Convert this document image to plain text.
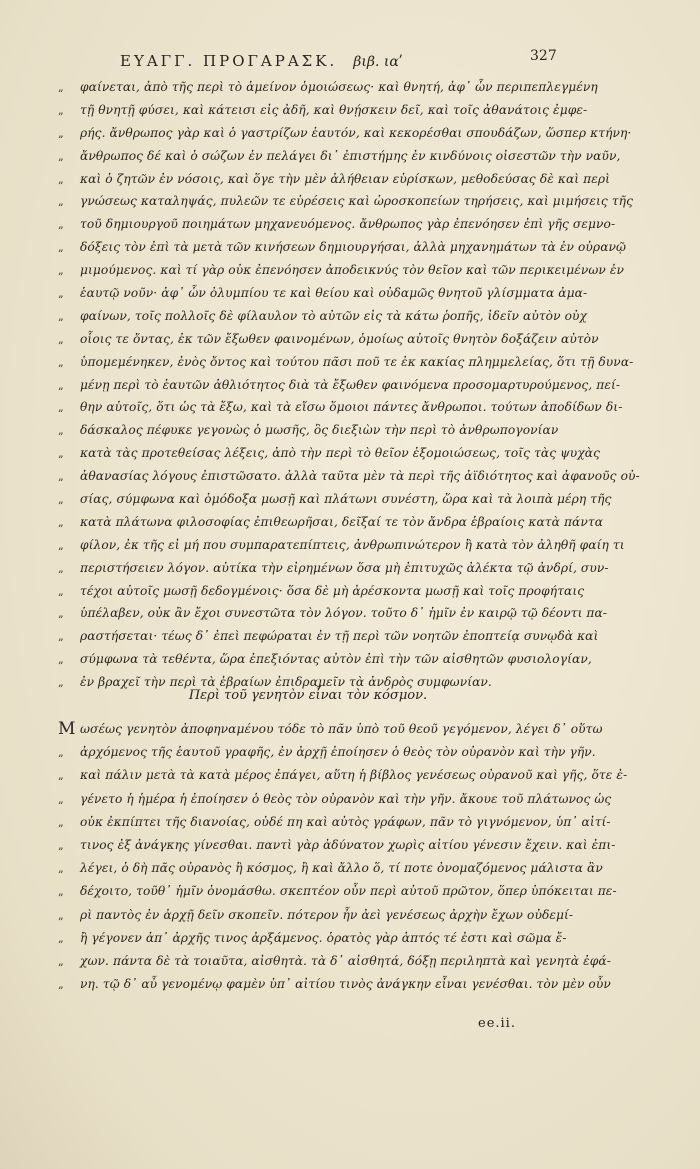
ΕΥΑΓΓ. ΠΡΟΓΑΡΑΣΚ. βιβ. ιαʹ	327
„ φαίνεται, ἀπὸ τῆς περὶ τὸ ἀμείνον ὁμοιώσεως· καὶ θνητή, ἀφ᾽ ὧν περιπεπλεγμένη
„ τῇ θνητῇ φύσει, καὶ κάτεισι εἰς ἀδῆ, καὶ θνῄσκειν δεῖ, καὶ τοῖς ἀθανάτοις ἐμφε-
„ ρής. ἄνθρωπος γὰρ καὶ ὁ γαστρίζων ἑαυτόν, καὶ κεκορέσθαι σπουδάζων, ὥσπερ κτήνη·
„ ἄνθρωπος δέ καὶ ὁ σώζων ἐν πελάγει δι᾽ ἐπιστήμης ἐν κινδύνοις οἰσεστῶν τὴν ναῦν,
„ καὶ ὁ ζητῶν ἐν νόσοις, καὶ ὅγε τὴν μὲν ἀλήθειαν εὑρίσκων, μεθοδεύσας δὲ καὶ περὶ
„ γνώσεως καταληψάς, πυλεῶν τε εὑρέσεις καὶ ὡροσκοπείων τηρήσεις, καὶ μιμήσεις τῆς
„ τοῦ δημιουργοῦ ποιημάτων μηχανευόμενος. ἄνθρωπος γὰρ ἐπενόησεν ἐπὶ γῆς σεμνο-
„ δόξεις τὸν ἐπὶ τὰ μετὰ τῶν κινήσεων δημιουργήσαι, ἀλλὰ μηχανημάτων τὰ ἐν οὐρανῷ
„ μιμούμενος. καὶ τί γὰρ οὐκ ἐπενόησεν ἀποδεικνύς τὸν θεῖον καὶ τῶν περικειμένων ἐν
„ ἑαυτῷ νοῦν· ἀφ᾽ ὧν ὀλυμπίου τε καὶ θείου καὶ οὐδαμῶς θνητοῦ γλίσμματα ἀμα-
„ φαίνων, τοῖς πολλοῖς δὲ φίλαυλον τὸ αὐτῶν εἰς τὰ κάτω ῥοπῆς, ἰδεῖν αὐτὸν οὐχ
„ οἷοις τε ὄντας, ἐκ τῶν ἔξωθεν φαινομένων, ὁμοίως αὐτοῖς θνητὸν δοξάζειν αὐτὸν
„ ὑπομεμένηκεν, ἐνὸς ὄντος καὶ τούτου πᾶσι ποῦ τε ἐκ κακίας πλημμελείας, ὅτι τῇ δυνα-
„ μένῃ περὶ τὸ ἑαυτῶν ἀθλιότητος διὰ τὰ ἔξωθεν φαινόμενα προσομαρτυρούμενος, πεί-
„ θην αὐτοῖς, ὅτι ὡς τὰ ἔξω, καὶ τὰ εἴσω ὅμοιοι πάντες ἄνθρωποι. τούτων ἀποδίδων δι-
„ δάσκαλος πέφυκε γεγονὼς ὁ μωσῆς, ὃς διεξιὼν τὴν περὶ τὸ ἀνθρωπογονίαν
„ κατὰ τὰς προτεθείσας λέξεις, ἀπὸ τὴν περὶ τὸ θεῖον ἐξομοιώσεως, τοῖς τὰς ψυχὰς
„ ἀθανασίας λόγους ἐπιστῶσατο. ἀλλὰ ταῦτα μὲν τὰ περὶ τῆς ἀϊδιότητος καὶ ἀφανοῦς οὐ-
„ σίας, σύμφωνα καὶ ὁμόδοξα μωσῇ καὶ πλάτωνι συνέστη, ὥρα καὶ τὰ λοιπὰ μέρη τῆς
„ κατὰ πλάτωνα φιλοσοφίας ἐπιθεωρῆσαι, δεῖξαί τε τὸν ἄνδρα ἑβραίοις κατὰ πάντα
„ φίλον, ἐκ τῆς εἰ μή που συμπαρατεπίπτεις, ἀνθρωπινώτερον ἢ κατὰ τὸν ἀληθῆ φαίη τι
„ περιστήσειεν λόγον. αὐτίκα τὴν εἰρημένων ὅσα μὴ ἐπιτυχῶς ἀλέκτα τῷ ἀνδρί, συν-
„ τέχοι αὐτοῖς μωσῇ δεδογμένοις· ὅσα δὲ μὴ ἀρέσκοντα μωσῇ καὶ τοῖς προφήταις
„ ὑπέλαβεν, οὐκ ἂν ἔχοι συνεστῶτα τὸν λόγον. τοῦτο δ᾽ ἡμῖν ἐν καιρῷ τῷ δέοντι πα-
„ ραστήσεται· τέως δ᾽ ἐπεὶ πεφώραται ἐν τῇ περὶ τῶν νοητῶν ἐποπτείᾳ συνῳδὰ καὶ
„ σύμφωνα τὰ τεθέντα, ὥρα ἐπεξιόντας αὐτὸν ἐπὶ τὴν τῶν αἰσθητῶν φυσιολογίαν,
„ ἐν βραχεῖ τὴν περὶ τὰ ἑβραίων ἐπιδραμεῖν τὰ ἀνδρὸς συμφωνίαν.
Περὶ τοῦ γενητὸν εἶναι τὸν κόσμον.
Μ ωσέως γενητὸν ἀποφηναμένου τόδε τὸ πᾶν ὑπὸ τοῦ θεοῦ γεγόμενον, λέγει δ᾽ οὕτω
„ ἀρχόμενος τῆς ἑαυτοῦ γραφῆς, ἐν ἀρχῇ ἐποίησεν ὁ θεὸς τὸν οὐρανὸν καὶ τὴν γῆν.
„ καὶ πάλιν μετὰ τὰ κατὰ μέρος ἐπάγει, αὕτη ἡ βίβλος γενέσεως οὐρανοῦ καὶ γῆς, ὅτε ἐ-
„ γένετο ἡ ἡμέρα ἡ ἐποίησεν ὁ θεὸς τὸν οὐρανὸν καὶ τὴν γῆν. ἄκουε τοῦ πλάτωνος ὡς
„ οὐκ ἐκπίπτει τῆς διανοίας, οὐδέ πη καὶ αὐτὸς γράφων, πᾶν τὸ γιγνόμενον, ὑπ᾽ αἰτί-
„ τινος ἐξ ἀνάγκης γίνεσθαι. παντὶ γὰρ ἀδύνατον χωρὶς αἰτίου γένεσιν ἔχειν. καὶ ἐπι-
„ λέγει, ὁ δὴ πᾶς οὐρανὸς ἢ κόσμος, ἢ καὶ ἄλλο ὅ, τί ποτε ὀνομαζόμενος μάλιστα ἂν
„ δέχοιτο, τοῦθ᾽ ἡμῖν ὀνομάσθω. σκεπτέον οὖν περὶ αὐτοῦ πρῶτον, ὅπερ ὑπόκειται πε-
„ ρὶ παντὸς ἐν ἀρχῇ δεῖν σκοπεῖν. πότερον ἦν ἀεὶ γενέσεως ἀρχὴν ἔχων οὐδεμί-
„ ἢ γέγονεν ἀπ᾽ ἀρχῆς τινος ἀρξάμενος. ὁρατὸς γὰρ ἁπτός τέ ἐστι καὶ σῶμα ἔ-
„ χων. πάντα δὲ τὰ τοιαῦτα, αἰσθητὰ. τὰ δ᾽ αἰσθητά, δόξῃ περιληπτὰ καὶ γενητὰ ἐφά-
„ νη. τῷ δ᾽ αὖ γενομένῳ φαμὲν ὑπ᾽ αἰτίου τινὸς ἀνάγκην εἶναι γενέσθαι. τὸν μὲν οὖν
ee.ii.
